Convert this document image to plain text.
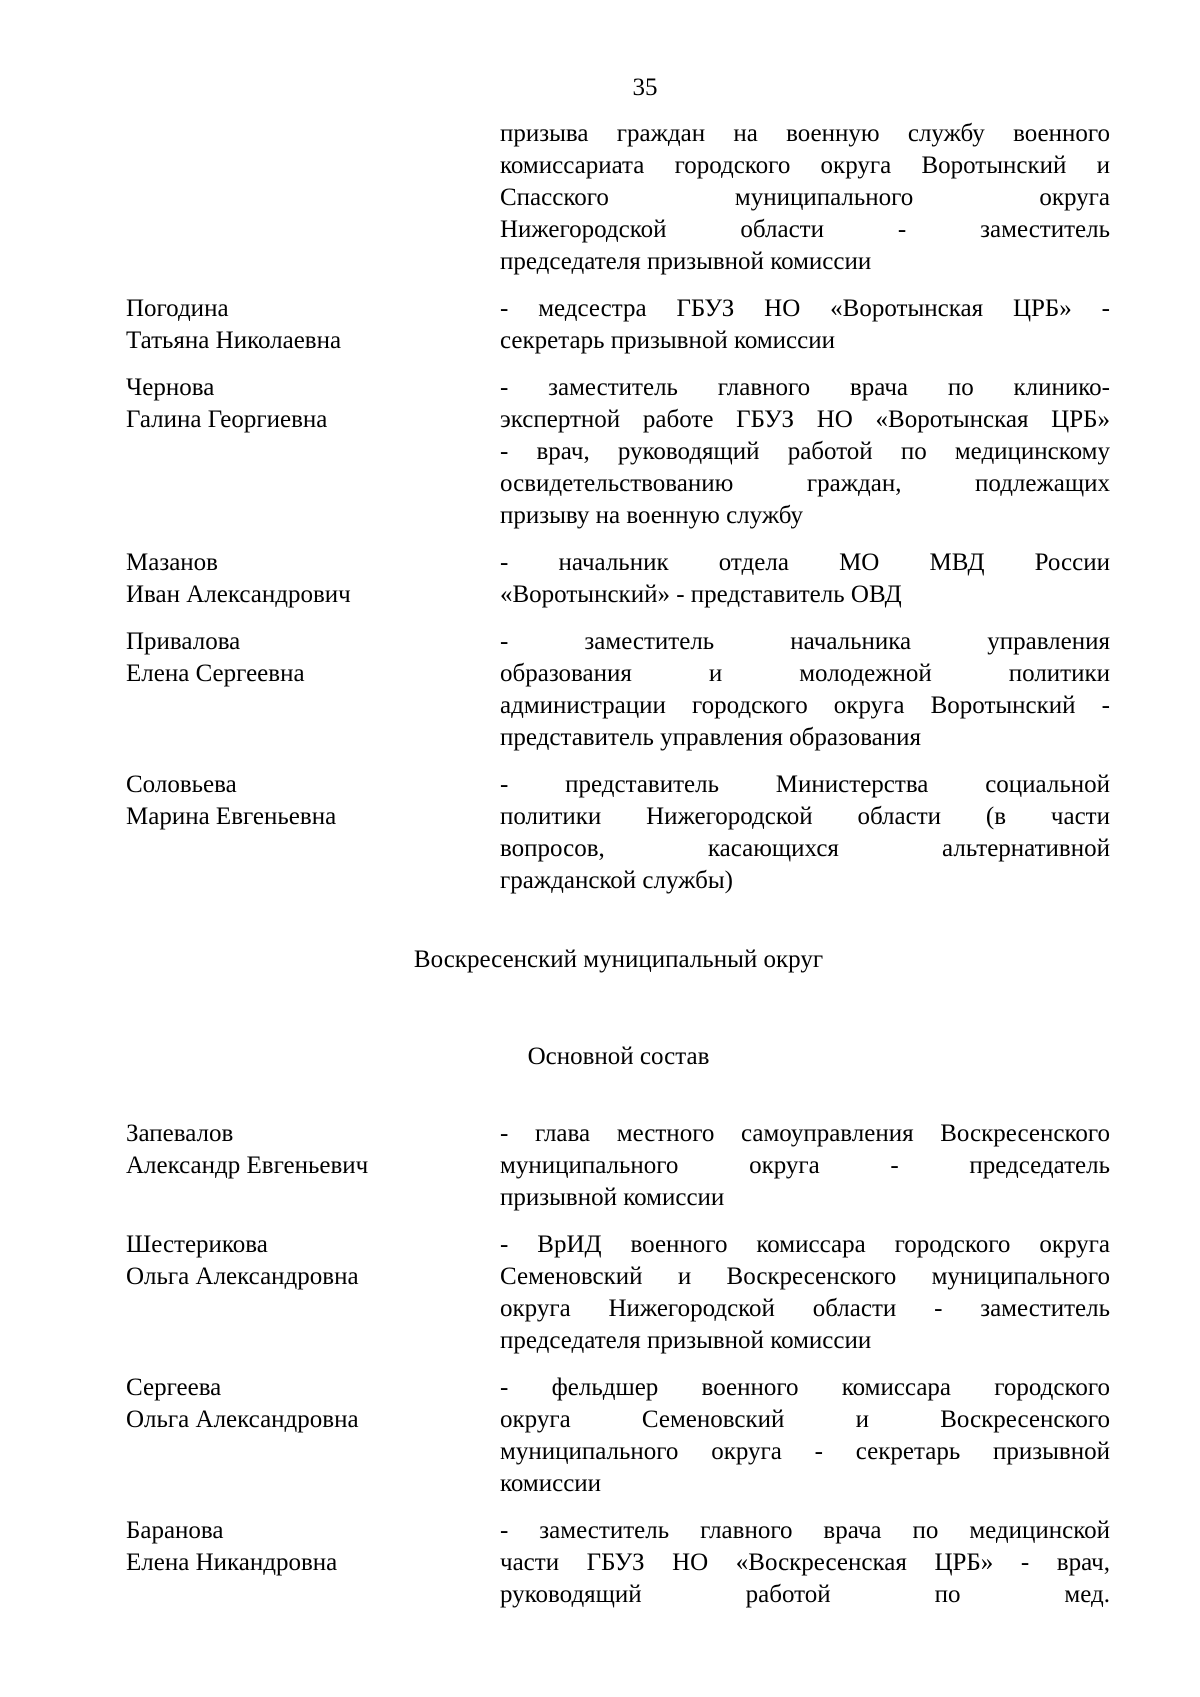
35
призыва граждан на военную службу военного
комиссариата городского округа Воротынский и
Спасского муниципального округа
Нижегородской области - заместитель
председателя призывной комиссии
Погодина
Татьяна Николаевна
- медсестра ГБУЗ НО «Воротынская ЦРБ» -
секретарь призывной комиссии
Чернова
Галина Георгиевна
- заместитель главного врача по клинико-
экспертной работе ГБУЗ НО «Воротынская ЦРБ»
- врач, руководящий работой по медицинскому
освидетельствованию граждан, подлежащих
призыву на военную службу
Мазанов
Иван Александрович
- начальник отдела МО МВД России
«Воротынский» - представитель ОВД
Привалова
Елена Сергеевна
- заместитель начальника управления
образования и молодежной политики
администрации городского округа Воротынский -
представитель управления образования
Соловьева
Марина Евгеньевна
- представитель Министерства социальной
политики Нижегородской области (в части
вопросов, касающихся альтернативной
гражданской службы)
Воскресенский муниципальный округ
Основной состав
Запевалов
Александр Евгеньевич
- глава местного самоуправления Воскресенского
муниципального округа - председатель
призывной комиссии
Шестерикова
Ольга Александровна
- ВрИД военного комиссара городского округа
Семеновский и Воскресенского муниципального
округа Нижегородской области - заместитель
председателя призывной комиссии
Сергеева
Ольга Александровна
- фельдшер военного комиссара городского
округа Семеновский и Воскресенского
муниципального округа - секретарь призывной
комиссии
Баранова
Елена Никандровна
- заместитель главного врача по медицинской
части ГБУЗ НО «Воскресенская ЦРБ» - врач,
руководящий работой по мед.
